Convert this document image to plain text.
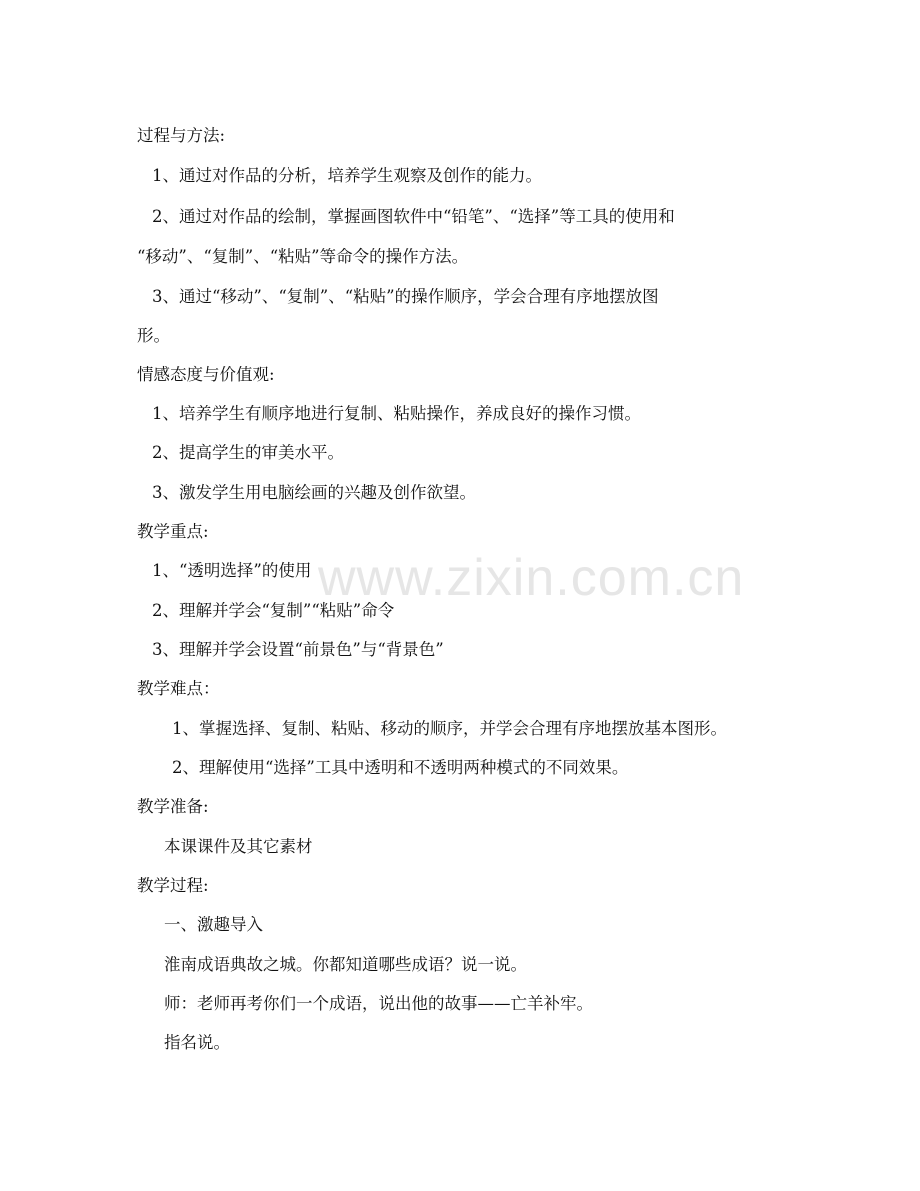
www.zixin.com.cn
过程与方法:
1、通过对作品的分析，培养学生观察及创作的能力。
2、通过对作品的绘制，掌握画图软件中“铅笔”、“选择”等工具的使用和
“移动”、“复制”、“粘贴”等命令的操作方法。
3、通过“移动”、“复制”、“粘贴”的操作顺序，学会合理有序地摆放图
形。
情感态度与价值观:
1、培养学生有顺序地进行复制、粘贴操作，养成良好的操作习惯。
2、提高学生的审美水平。
3、激发学生用电脑绘画的兴趣及创作欲望。
教学重点:
1、“透明选择”的使用
2、理解并学会“复制”“粘贴”命令
3、理解并学会设置“前景色”与“背景色”
教学难点：
1、掌握选择、复制、粘贴、移动的顺序，并学会合理有序地摆放基本图形。
2、理解使用“选择”工具中透明和不透明两种模式的不同效果。
教学准备:
本课课件及其它素材
教学过程:
一、激趣导入
淮南成语典故之城。你都知道哪些成语？说一说。
师：老师再考你们一个成语，说出他的故事——亡羊补牢。
指名说。
